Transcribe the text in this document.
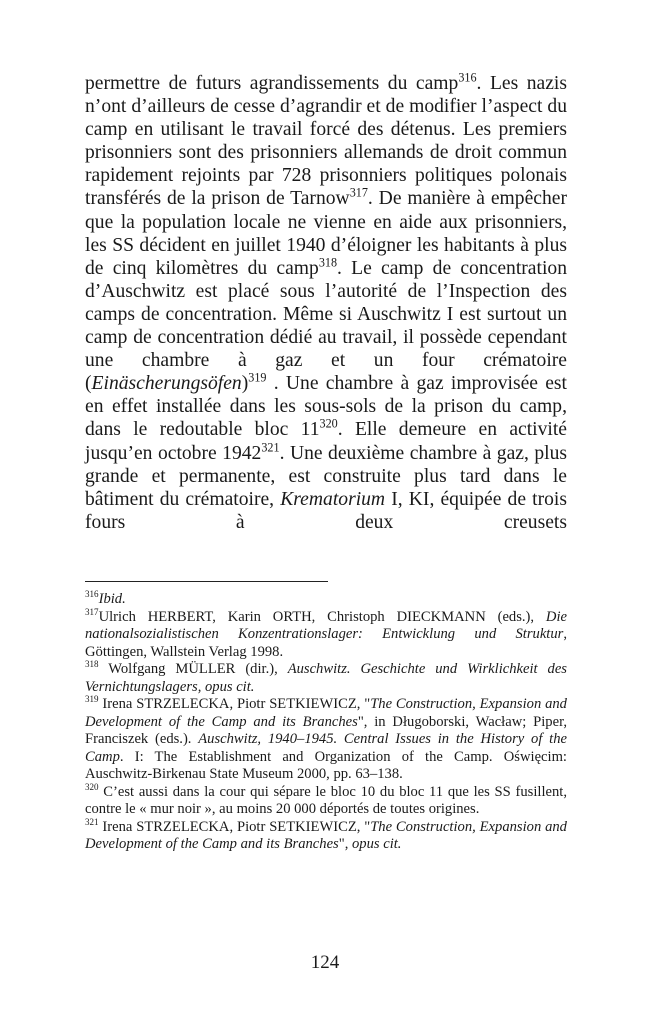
permettre de futurs agrandissements du camp$^{316}$. Les nazis n’ont d’ailleurs de cesse d’agrandir et de modifier l’aspect du camp en utilisant le travail forcé des détenus. Les premiers prisonniers sont des prisonniers allemands de droit commun rapidement rejoints par 728 prisonniers politiques polonais transférés de la prison de Tarnow$^{317}$. De manière à empêcher que la population locale ne vienne en aide aux prisonniers, les SS décident en juillet 1940 d’éloigner les habitants à plus de cinq kilomètres du camp$^{318}$. Le camp de concentration d’Auschwitz est placé sous l’autorité de l’Inspection des camps de concentration. Même si Auschwitz I est surtout un camp de concentration dédié au travail, il possède cependant une chambre à gaz et un four crématoire (Einäscherungsöfen)$^{319}$ . Une chambre à gaz improvisée est en effet installée dans les sous-sols de la prison du camp, dans le redoutable bloc $11^{320}$. Elle demeure en activité jusqu’en octobre 1942$^{321}$. Une deuxième chambre à gaz, plus grande et permanente, est construite plus tard dans le bâtiment du crématoire, Krematorium I, KI, équipée de trois fours à deux creusets

$^{316}$Ibid.

$^{317}$Ulrich HERBERT, Karin ORTH, Christoph DIECKMANN (eds.), Die nationalsozialistischen Konzentrationslager: Entwicklung und Struktur, Göttingen, Wallstein Verlag 1998.

$^{318}$ Wolfgang MÜLLER (dir.), Auschwitz. Geschichte und Wirklichkeit des Vernichtungslagers, opus cit.

$^{319}$ Irena STRZELECKA, Piotr SETKIEWICZ, "The Construction, Expansion and Development of the Camp and its Branches", in Długoborski, Wacław; Piper, Franciszek (eds.). Auschwitz, 1940–1945. Central Issues in the History of the Camp. I: The Establishment and Organization of the Camp. Oświęcim: Auschwitz-Birkenau State Museum 2000, pp. 63–138.

$^{320}$ C’est aussi dans la cour qui sépare le bloc 10 du bloc 11 que les SS fusillent, contre le « mur noir », au moins 20 000 déportés de toutes origines.

$^{321}$ Irena STRZELECKA, Piotr SETKIEWICZ, "The Construction, Expansion and Development of the Camp and its Branches", opus cit.

124
